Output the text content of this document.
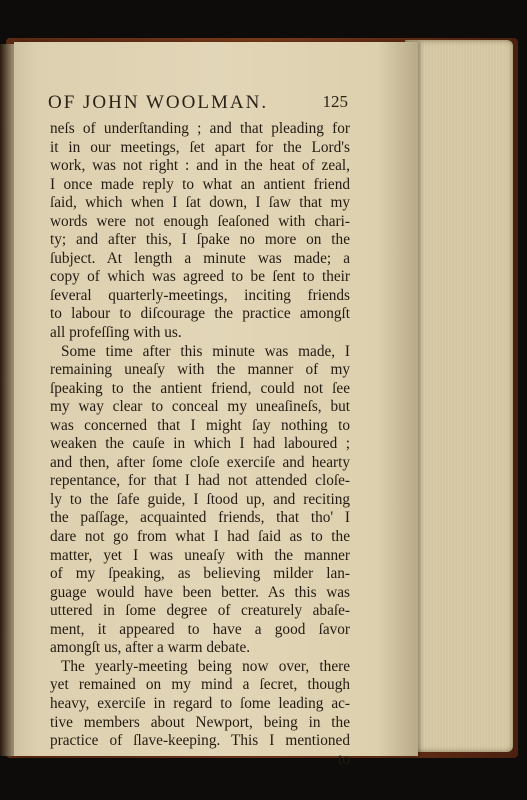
OF JOHN WOOLMAN.	125
neſs of underſtanding ; and that pleading for
it in our meetings, ſet apart for the Lord's
work, was not right : and in the heat of zeal,
I once made reply to what an antient friend
ſaid, which when I ſat down, I ſaw that my
words were not enough ſeaſoned with chari-
ty; and after this, I ſpake no more on the
ſubject. At length a minute was made; a
copy of which was agreed to be ſent to their
ſeveral quarterly-meetings, inciting friends
to labour to diſcourage the practice amongſt
all profeſſing with us.
Some time after this minute was made, I
remaining uneaſy with the manner of my
ſpeaking to the antient friend, could not ſee
my way clear to conceal my uneaſineſs, but
was concerned that I might ſay nothing to
weaken the cauſe in which I had laboured ;
and then, after ſome cloſe exerciſe and hearty
repentance, for that I had not attended cloſe-
ly to the ſafe guide, I ſtood up, and reciting
the paſſage, acquainted friends, that tho' I
dare not go from what I had ſaid as to the
matter, yet I was uneaſy with the manner
of my ſpeaking, as believing milder lan-
guage would have been better. As this was
uttered in ſome degree of creaturely abaſe-
ment, it appeared to have a good ſavor
amongſt us, after a warm debate.
The yearly-meeting being now over, there
yet remained on my mind a ſecret, though
heavy, exerciſe in regard to ſome leading ac-
tive members about Newport, being in the
practice of ſlave-keeping. This I mentioned
to
